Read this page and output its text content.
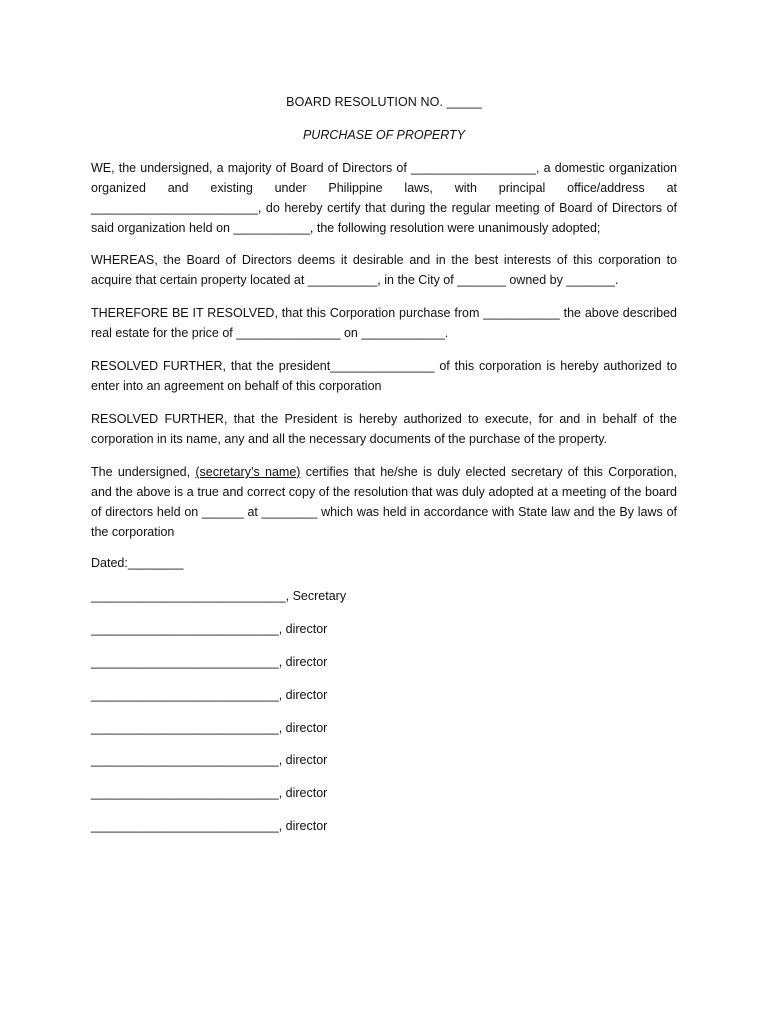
BOARD RESOLUTION NO. _____
PURCHASE OF PROPERTY
WE, the undersigned, a majority of Board of Directors of __________________, a domestic organization organized and existing under Philippine laws, with principal office/address at ________________________, do hereby certify that during the regular meeting of Board of Directors of said organization held on ___________, the following resolution were unanimously adopted;
WHEREAS, the Board of Directors deems it desirable and in the best interests of this corporation to acquire that certain property located at __________, in the City of _______ owned by _______.
THEREFORE BE IT RESOLVED, that this Corporation purchase from ___________ the above described real estate for the price of _______________ on ____________.
RESOLVED FURTHER, that the president_______________ of this corporation is hereby authorized to enter into an agreement on behalf of this corporation
RESOLVED FURTHER, that the President is hereby authorized to execute, for and in behalf of the corporation in its name, any and all the necessary documents of the purchase of the property.
The undersigned, (secretary’s name) certifies that he/she is duly elected secretary of this Corporation, and the above is a true and correct copy of the resolution that was duly adopted at a meeting of the board of directors held on ______ at ________ which was held in accordance with State law and the By laws of the corporation
Dated:________
____________________________, Secretary
___________________________, director
___________________________, director
___________________________, director
___________________________, director
___________________________, director
___________________________, director
___________________________, director
